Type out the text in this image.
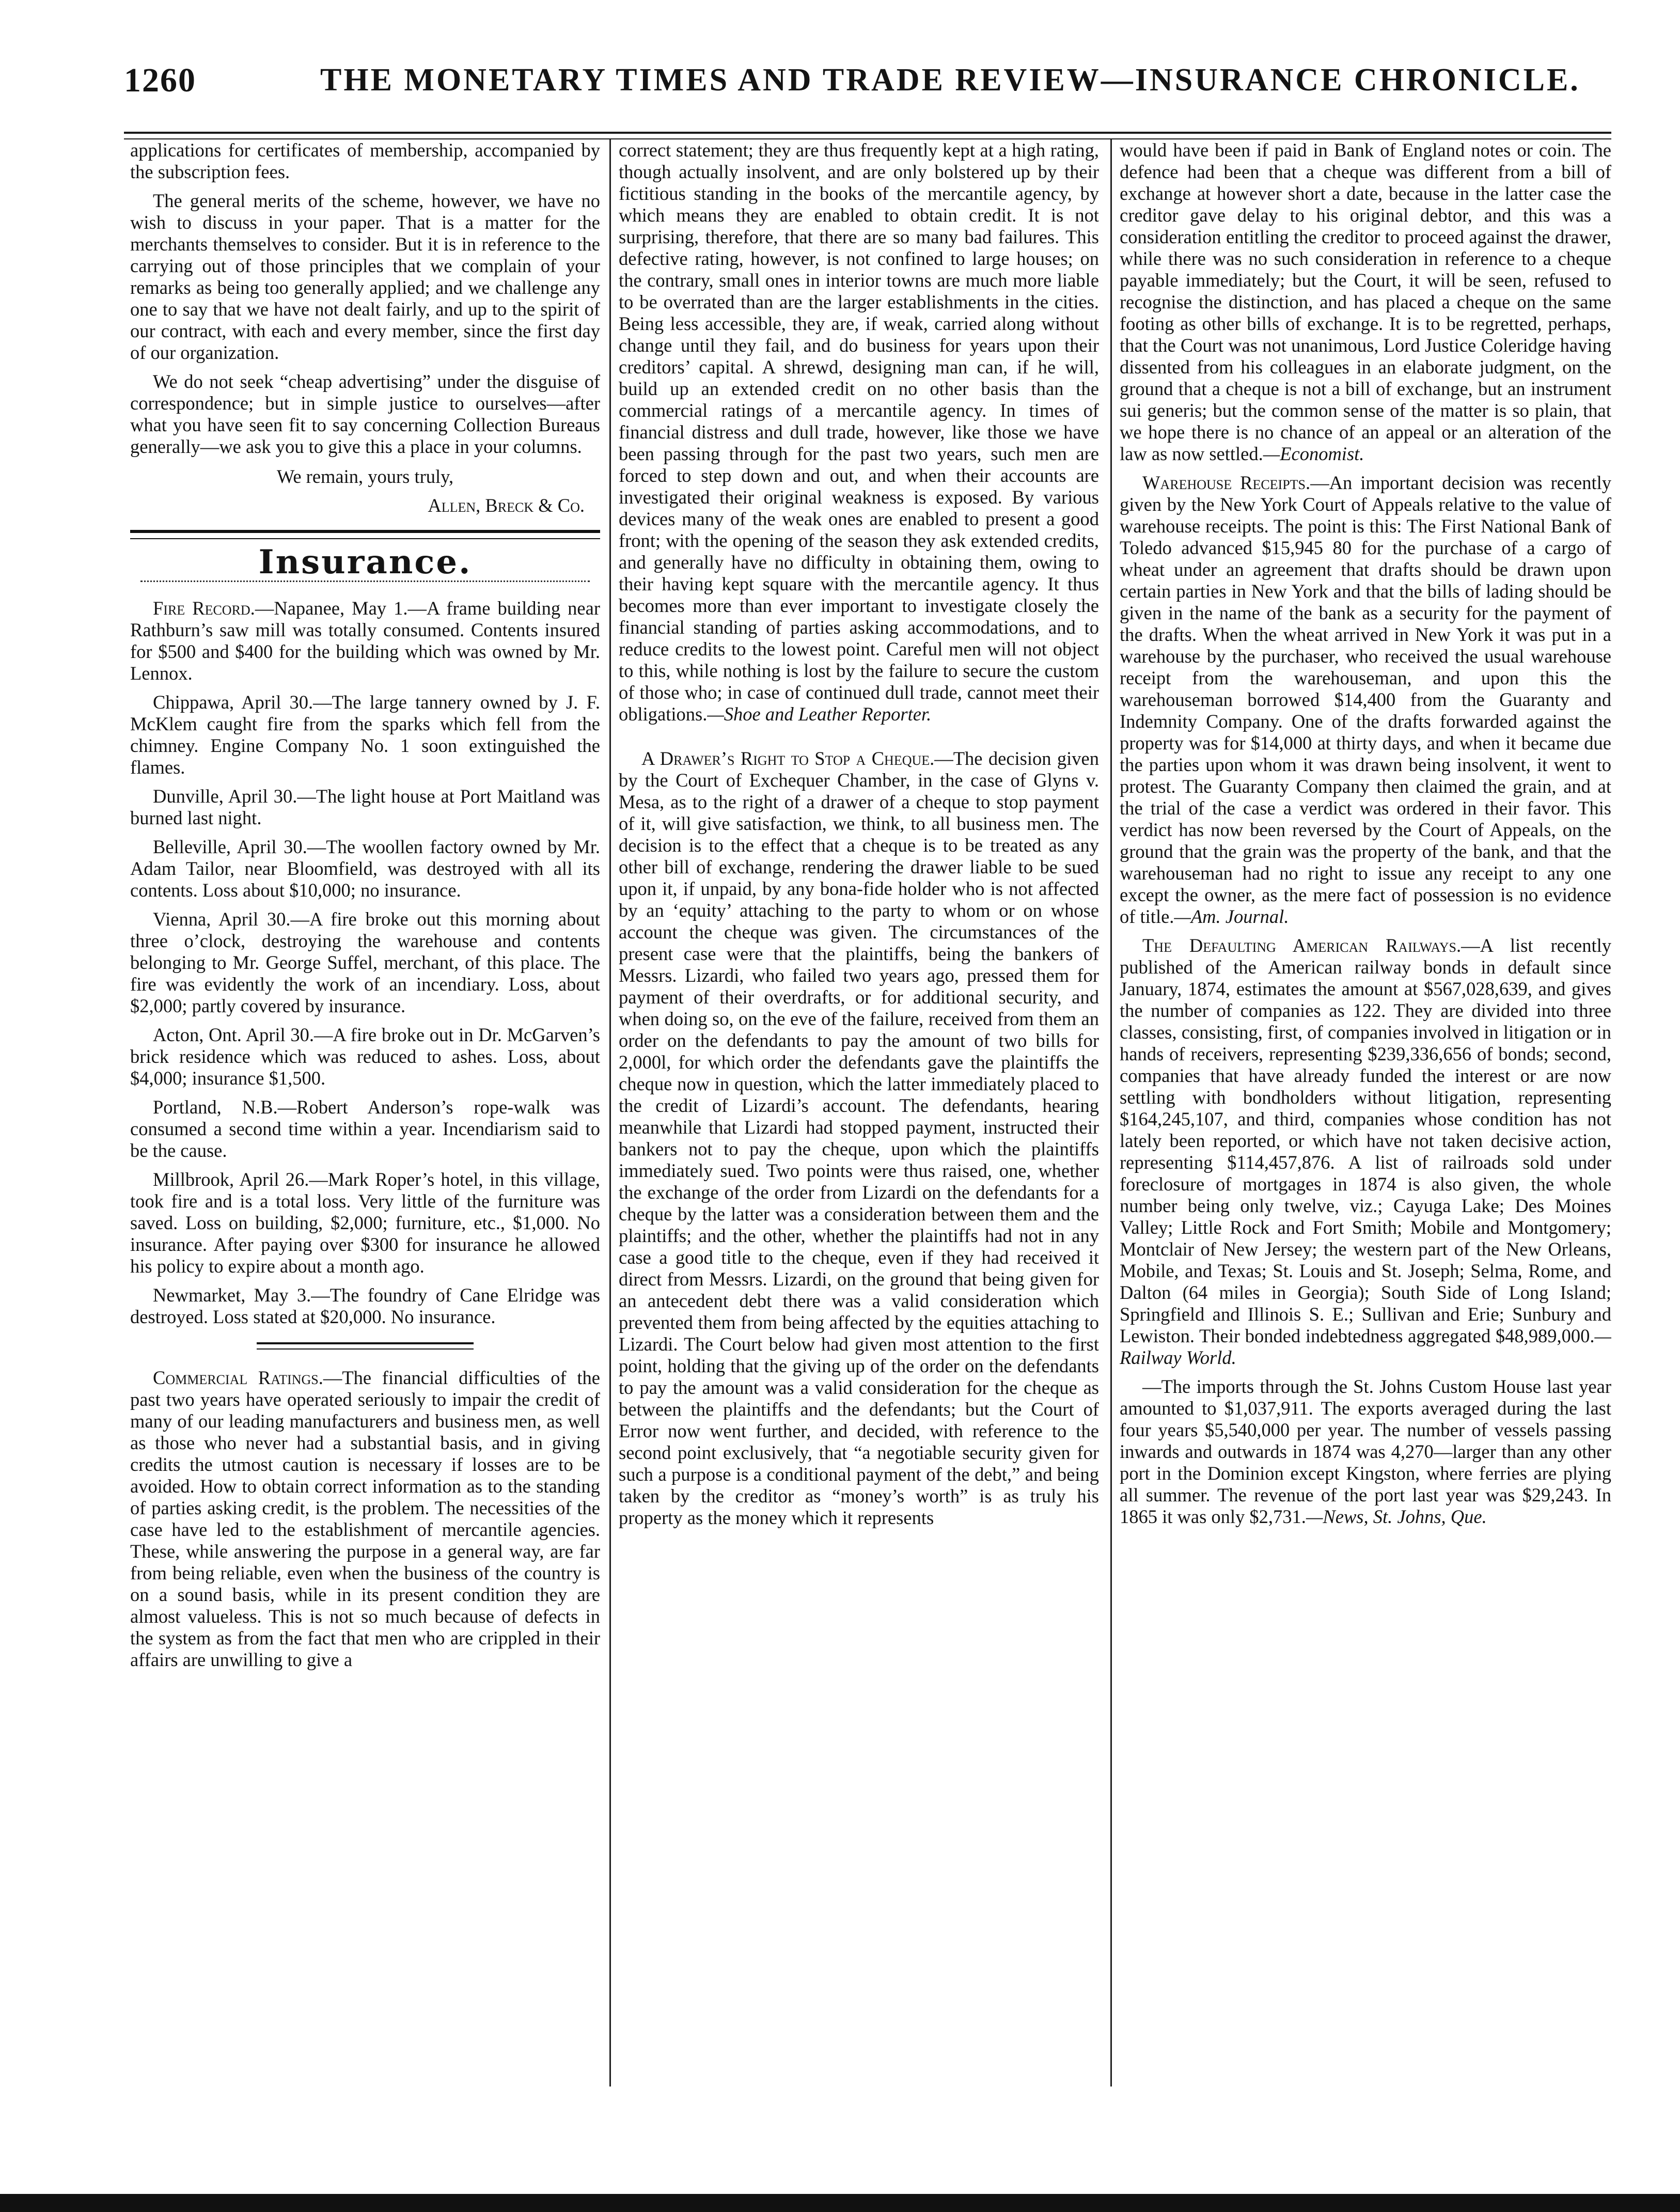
1260	THE MONETARY TIMES AND TRADE REVIEW—INSURANCE CHRONICLE.

applications for certificates of membership, accompanied by the subscription fees.

The general merits of the scheme, however, we have no wish to discuss in your paper. That is a matter for the merchants themselves to consider. But it is in reference to the carrying out of those principles that we complain of your remarks as being too generally applied; and we challenge any one to say that we have not dealt fairly, and up to the spirit of our contract, with each and every member, since the first day of our organization.

We do not seek “cheap advertising” under the disguise of correspondence; but in simple justice to ourselves—after what you have seen fit to say concerning Collection Bureaus generally—we ask you to give this a place in your columns.

We remain, yours truly,

Allen, Breck & Co.

Insurance.

Fire Record.—Napanee, May 1.—A frame building near Rathburn’s saw mill was totally consumed. Contents insured for $500 and $400 for the building which was owned by Mr. Lennox.

Chippawa, April 30.—The large tannery owned by J. F. McKlem caught fire from the sparks which fell from the chimney. Engine Company No. 1 soon extinguished the flames.

Dunville, April 30.—The light house at Port Maitland was burned last night.

Belleville, April 30.—The woollen factory owned by Mr. Adam Tailor, near Bloomfield, was destroyed with all its contents. Loss about $10,000; no insurance.

Vienna, April 30.—A fire broke out this morning about three o’clock, destroying the warehouse and contents belonging to Mr. George Suffel, merchant, of this place. The fire was evidently the work of an incendiary. Loss, about $2,000; partly covered by insurance.

Acton, Ont. April 30.—A fire broke out in Dr. McGarven’s brick residence which was reduced to ashes. Loss, about $4,000; insurance $1,500.

Portland, N.B.—Robert Anderson’s rope-walk was consumed a second time within a year. Incendiarism said to be the cause.

Millbrook, April 26.—Mark Roper’s hotel, in this village, took fire and is a total loss. Very little of the furniture was saved. Loss on building, $2,000; furniture, etc., $1,000. No insurance. After paying over $300 for insurance he allowed his policy to expire about a month ago.

Newmarket, May 3.—The foundry of Cane Elridge was destroyed. Loss stated at $20,000. No insurance.

Commercial Ratings.—The financial difficulties of the past two years have operated seriously to impair the credit of many of our leading manufacturers and business men, as well as those who never had a substantial basis, and in giving credits the utmost caution is necessary if losses are to be avoided. How to obtain correct information as to the standing of parties asking credit, is the problem. The necessities of the case have led to the establishment of mercantile agencies. These, while answering the purpose in a general way, are far from being reliable, even when the business of the country is on a sound basis, while in its present condition they are almost valueless. This is not so much because of defects in the system as from the fact that men who are crippled in their affairs are unwilling to give a

correct statement; they are thus frequently kept at a high rating, though actually insolvent, and are only bolstered up by their fictitious standing in the books of the mercantile agency, by which means they are enabled to obtain credit. It is not surprising, therefore, that there are so many bad failures. This defective rating, however, is not confined to large houses; on the contrary, small ones in interior towns are much more liable to be overrated than are the larger establishments in the cities. Being less accessible, they are, if weak, carried along without change until they fail, and do business for years upon their creditors’ capital. A shrewd, designing man can, if he will, build up an extended credit on no other basis than the commercial ratings of a mercantile agency. In times of financial distress and dull trade, however, like those we have been passing through for the past two years, such men are forced to step down and out, and when their accounts are investigated their original weakness is exposed. By various devices many of the weak ones are enabled to present a good front; with the opening of the season they ask extended credits, and generally have no difficulty in obtaining them, owing to their having kept square with the mercantile agency. It thus becomes more than ever important to investigate closely the financial standing of parties asking accommodations, and to reduce credits to the lowest point. Careful men will not object to this, while nothing is lost by the failure to secure the custom of those who; in case of continued dull trade, cannot meet their obligations.—Shoe and Leather Reporter.

A Drawer’s Right to Stop a Cheque.—The decision given by the Court of Exchequer Chamber, in the case of Glyns v. Mesa, as to the right of a drawer of a cheque to stop payment of it, will give satisfaction, we think, to all business men. The decision is to the effect that a cheque is to be treated as any other bill of exchange, rendering the drawer liable to be sued upon it, if unpaid, by any bona-fide holder who is not affected by an ‘equity’ attaching to the party to whom or on whose account the cheque was given. The circumstances of the present case were that the plaintiffs, being the bankers of Messrs. Lizardi, who failed two years ago, pressed them for payment of their overdrafts, or for additional security, and when doing so, on the eve of the failure, received from them an order on the defendants to pay the amount of two bills for 2,000l, for which order the defendants gave the plaintiffs the cheque now in question, which the latter immediately placed to the credit of Lizardi’s account. The defendants, hearing meanwhile that Lizardi had stopped payment, instructed their bankers not to pay the cheque, upon which the plaintiffs immediately sued. Two points were thus raised, one, whether the exchange of the order from Lizardi on the defendants for a cheque by the latter was a consideration between them and the plaintiffs; and the other, whether the plaintiffs had not in any case a good title to the cheque, even if they had received it direct from Messrs. Lizardi, on the ground that being given for an antecedent debt there was a valid consideration which prevented them from being affected by the equities attaching to Lizardi. The Court below had given most attention to the first point, holding that the giving up of the order on the defendants to pay the amount was a valid consideration for the cheque as between the plaintiffs and the defendants; but the Court of Error now went further, and decided, with reference to the second point exclusively, that “a negotiable security given for such a purpose is a conditional payment of the debt,” and being taken by the creditor as “money’s worth” is as truly his property as the money which it represents

would have been if paid in Bank of England notes or coin. The defence had been that a cheque was different from a bill of exchange at however short a date, because in the latter case the creditor gave delay to his original debtor, and this was a consideration entitling the creditor to proceed against the drawer, while there was no such consideration in reference to a cheque payable immediately; but the Court, it will be seen, refused to recognise the distinction, and has placed a cheque on the same footing as other bills of exchange. It is to be regretted, perhaps, that the Court was not unanimous, Lord Justice Coleridge having dissented from his colleagues in an elaborate judgment, on the ground that a cheque is not a bill of exchange, but an instrument sui generis; but the common sense of the matter is so plain, that we hope there is no chance of an appeal or an alteration of the law as now settled.—Economist.

Warehouse Receipts.—An important decision was recently given by the New York Court of Appeals relative to the value of warehouse receipts. The point is this: The First National Bank of Toledo advanced $15,945 80 for the purchase of a cargo of wheat under an agreement that drafts should be drawn upon certain parties in New York and that the bills of lading should be given in the name of the bank as a security for the payment of the drafts. When the wheat arrived in New York it was put in a warehouse by the purchaser, who received the usual warehouse receipt from the warehouseman, and upon this the warehouseman borrowed $14,400 from the Guaranty and Indemnity Company. One of the drafts forwarded against the property was for $14,000 at thirty days, and when it became due the parties upon whom it was drawn being insolvent, it went to protest. The Guaranty Company then claimed the grain, and at the trial of the case a verdict was ordered in their favor. This verdict has now been reversed by the Court of Appeals, on the ground that the grain was the property of the bank, and that the warehouseman had no right to issue any receipt to any one except the owner, as the mere fact of possession is no evidence of title.—Am. Journal.

The Defaulting American Railways.—A list recently published of the American railway bonds in default since January, 1874, estimates the amount at $567,028,639, and gives the number of companies as 122. They are divided into three classes, consisting, first, of companies involved in litigation or in hands of receivers, representing $239,336,656 of bonds; second, companies that have already funded the interest or are now settling with bondholders without litigation, representing $164,245,107, and third, companies whose condition has not lately been reported, or which have not taken decisive action, representing $114,457,876. A list of railroads sold under foreclosure of mortgages in 1874 is also given, the whole number being only twelve, viz.; Cayuga Lake; Des Moines Valley; Little Rock and Fort Smith; Mobile and Montgomery; Montclair of New Jersey; the western part of the New Orleans, Mobile, and Texas; St. Louis and St. Joseph; Selma, Rome, and Dalton (64 miles in Georgia); South Side of Long Island; Springfield and Illinois S. E.; Sullivan and Erie; Sunbury and Lewiston. Their bonded indebtedness aggregated $48,989,000.—Railway World.

—The imports through the St. Johns Custom House last year amounted to $1,037,911. The exports averaged during the last four years $5,540,000 per year. The number of vessels passing inwards and outwards in 1874 was 4,270—larger than any other port in the Dominion except Kingston, where ferries are plying all summer. The revenue of the port last year was $29,243. In 1865 it was only $2,731.—News, St. Johns, Que.
